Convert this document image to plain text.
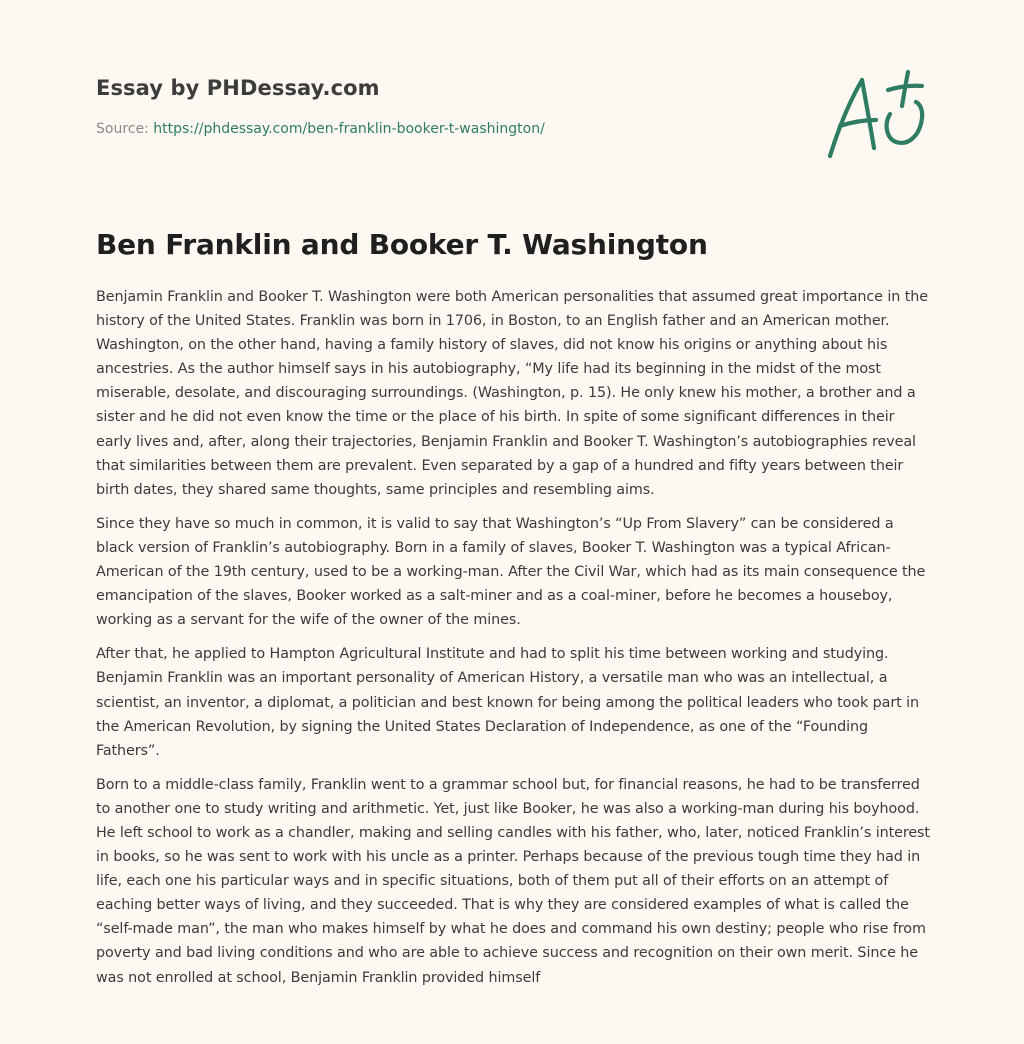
Essay by PHDessay.com
Source: https://phdessay.com/ben-franklin-booker-t-washington/
Ben Franklin and Booker T. Washington

Benjamin Franklin and Booker T. Washington were both American personalities that assumed great importance in the history of the United States. Franklin was born in 1706, in Boston, to an English father and an American mother. Washington, on the other hand, having a family history of slaves, did not know his origins or anything about his ancestries. As the author himself says in his autobiography, “My life had its beginning in the midst of the most miserable, desolate, and discouraging surroundings. (Washington, p. 15). He only knew his mother, a brother and a sister and he did not even know the time or the place of his birth. In spite of some significant differences in their early lives and, after, along their trajectories, Benjamin Franklin and Booker T. Washington’s autobiographies reveal that similarities between them are prevalent. Even separated by a gap of a hundred and fifty years between their birth dates, they shared same thoughts, same principles and resembling aims.

Since they have so much in common, it is valid to say that Washington’s “Up From Slavery” can be considered a black version of Franklin’s autobiography. Born in a family of slaves, Booker T. Washington was a typical African-American of the 19th century, used to be a working-man. After the Civil War, which had as its main consequence the emancipation of the slaves, Booker worked as a salt-miner and as a coal-miner, before he becomes a houseboy, working as a servant for the wife of the owner of the mines.

After that, he applied to Hampton Agricultural Institute and had to split his time between working and studying. Benjamin Franklin was an important personality of American History, a versatile man who was an intellectual, a scientist, an inventor, a diplomat, a politician and best known for being among the political leaders who took part in the American Revolution, by signing the United States Declaration of Independence, as one of the “Founding Fathers”.

Born to a middle-class family, Franklin went to a grammar school but, for financial reasons, he had to be transferred to another one to study writing and arithmetic. Yet, just like Booker, he was also a working-man during his boyhood. He left school to work as a chandler, making and selling candles with his father, who, later, noticed Franklin’s interest in books, so he was sent to work with his uncle as a printer. Perhaps because of the previous tough time they had in life, each one his particular ways and in specific situations, both of them put all of their efforts on an attempt of eaching better ways of living, and they succeeded. That is why they are considered examples of what is called the “self-made man”, the man who makes himself by what he does and command his own destiny; people who rise from poverty and bad living conditions and who are able to achieve success and recognition on their own merit. Since he was not enrolled at school, Benjamin Franklin provided himself
